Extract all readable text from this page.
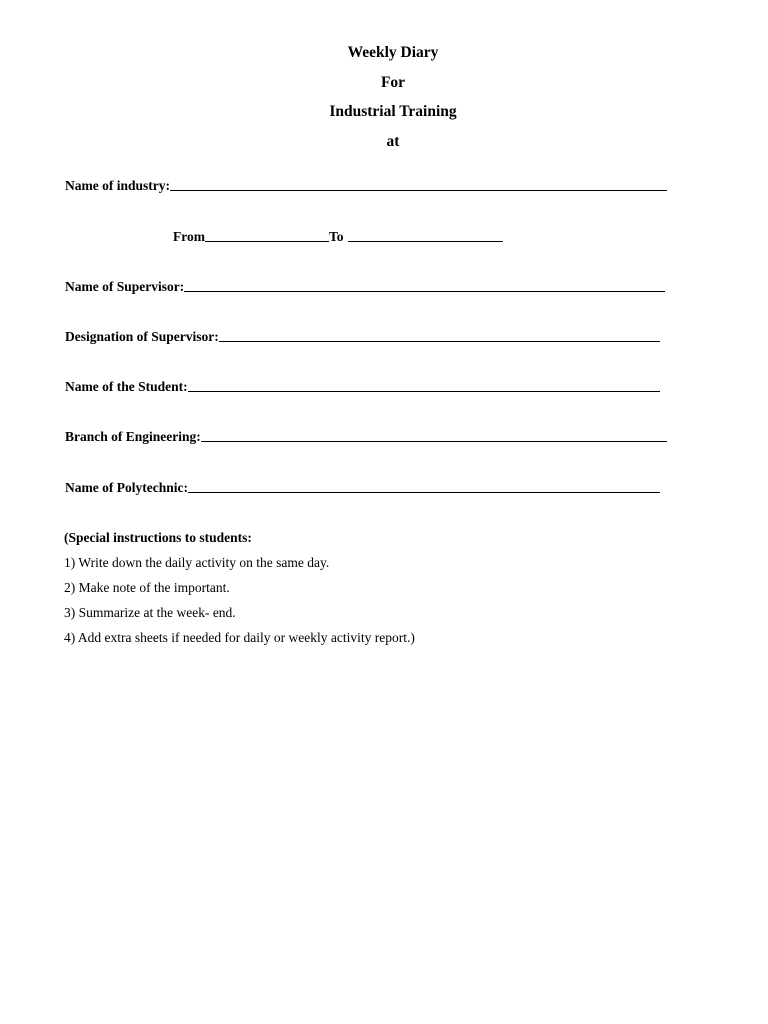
Weekly Diary
For
Industrial Training
at
Name of industry:
From	To
Name of Supervisor:
Designation of Supervisor:
Name of the Student:
Branch of Engineering:
Name of Polytechnic:
(Special instructions to students:
1) Write down the daily activity on the same day.
2) Make note of the important.
3) Summarize at the week- end.
4) Add extra sheets if needed for daily or weekly activity report.)
